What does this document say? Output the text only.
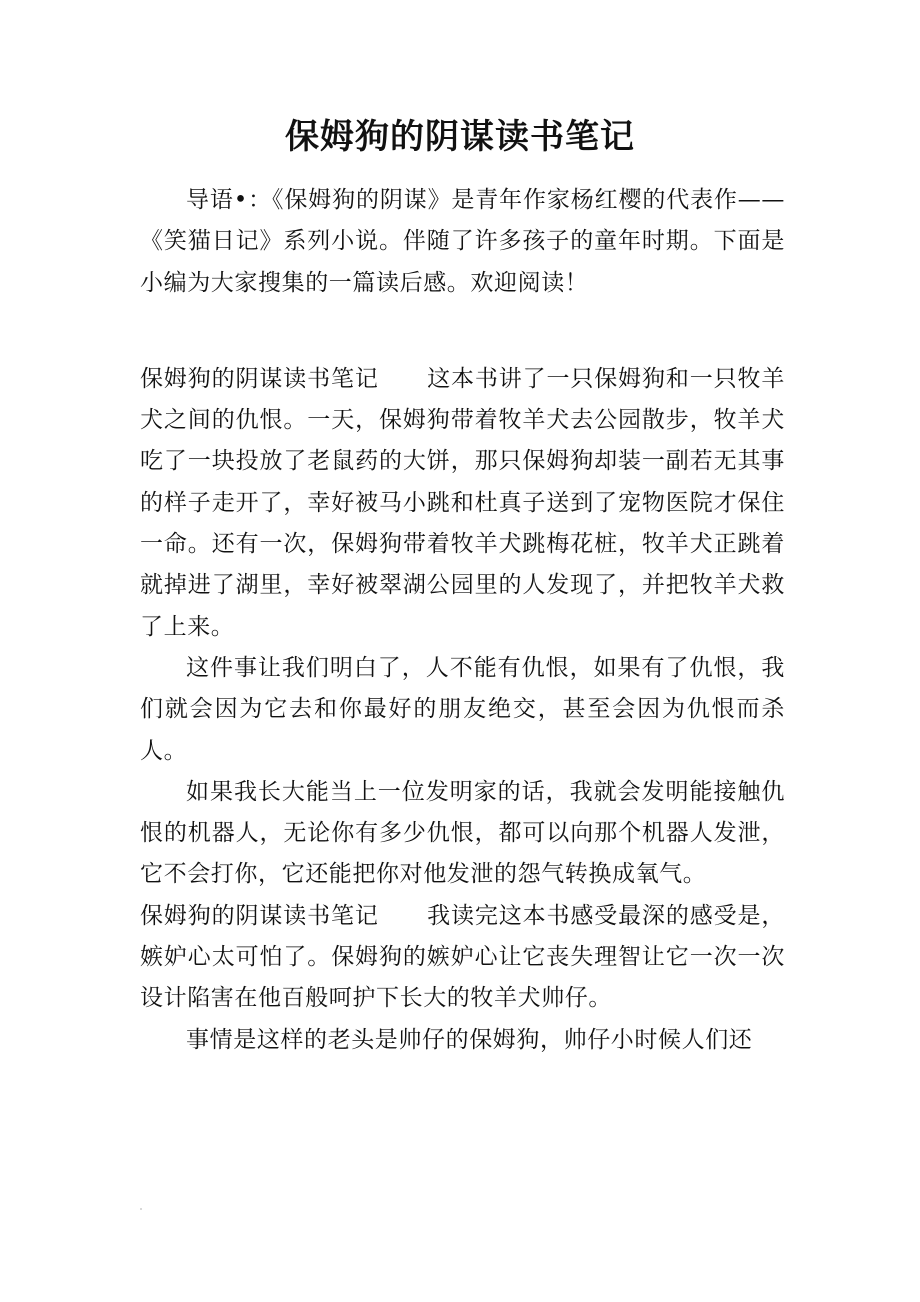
保姆狗的阴谋读书笔记

导语•：《保姆狗的阴谋》是青年作家杨红樱的代表作——《笑猫日记》系列小说。伴随了许多孩子的童年时期。下面是小编为大家搜集的一篇读后感。欢迎阅读！

保姆狗的阴谋读书笔记 这本书讲了一只保姆狗和一只牧羊犬之间的仇恨。一天，保姆狗带着牧羊犬去公园散步，牧羊犬吃了一块投放了老鼠药的大饼，那只保姆狗却装一副若无其事的样子走开了，幸好被马小跳和杜真子送到了宠物医院才保住一命。还有一次，保姆狗带着牧羊犬跳梅花桩，牧羊犬正跳着就掉进了湖里，幸好被翠湖公园里的人发现了，并把牧羊犬救了上来。

这件事让我们明白了，人不能有仇恨，如果有了仇恨，我们就会因为它去和你最好的朋友绝交，甚至会因为仇恨而杀人。

如果我长大能当上一位发明家的话，我就会发明能接触仇恨的机器人，无论你有多少仇恨，都可以向那个机器人发泄，它不会打你，它还能把你对他发泄的怨气转换成氧气。

保姆狗的阴谋读书笔记 我读完这本书感受最深的感受是，嫉妒心太可怕了。保姆狗的嫉妒心让它丧失理智让它一次一次设计陷害在他百般呵护下长大的牧羊犬帅仔。

事情是这样的老头是帅仔的保姆狗，帅仔小时候人们还
